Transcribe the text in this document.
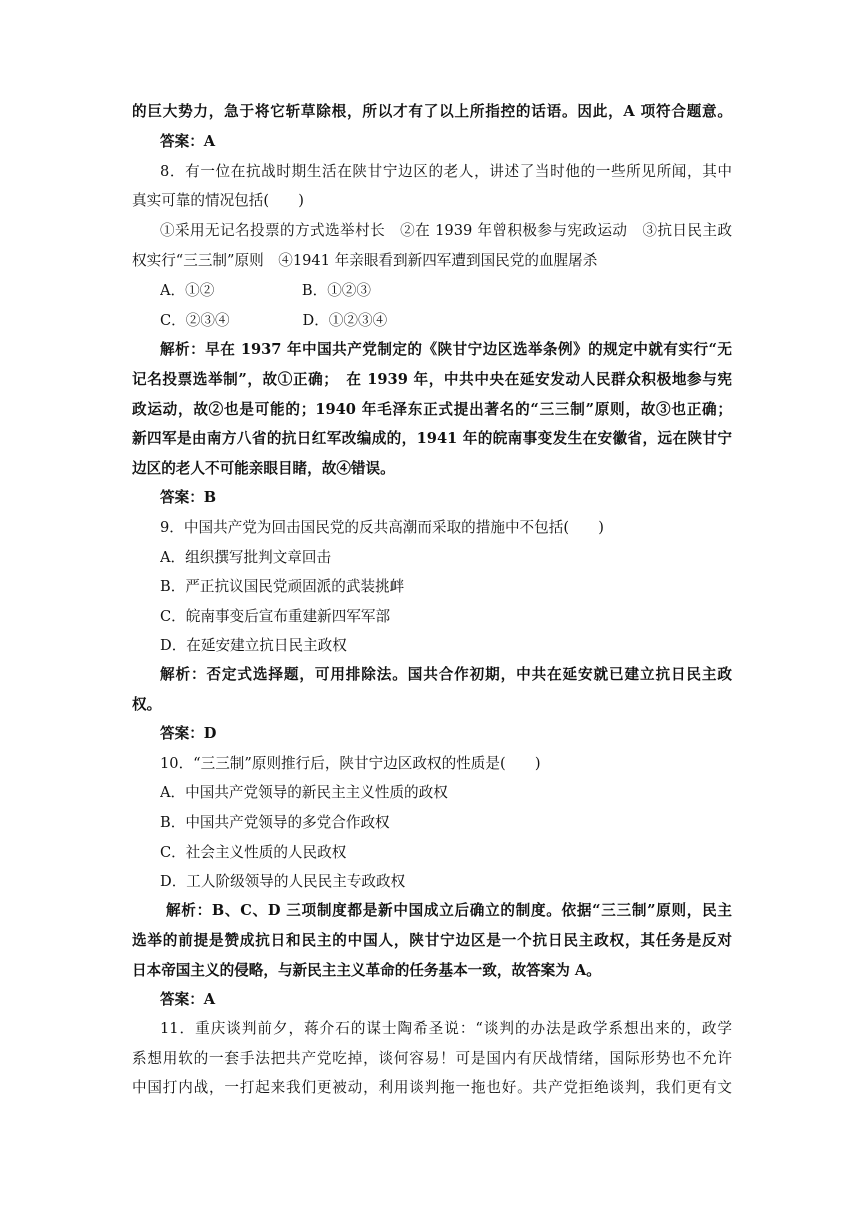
的巨大势力，急于将它斩草除根，所以才有了以上所指控的话语。因此，A 项符合题意。
答案：A
8．有一位在抗战时期生活在陕甘宁边区的老人，讲述了当时他的一些所见所闻，其中
真实可靠的情况包括(　　)
①采用无记名投票的方式选举村长　②在 1939 年曾积极参与宪政运动　③抗日民主政
权实行“三三制”原则　④1941 年亲眼看到新四军遭到国民党的血腥屠杀
A．①②　　　　　　B．①②③
C．②③④　　　　　D．①②③④
解析：早在 1937 年中国共产党制定的《陕甘宁边区选举条例》的规定中就有实行“无
记名投票选举制”，故①正确；　在 1939 年，中共中央在延安发动人民群众积极地参与宪
政运动，故②也是可能的；1940 年毛泽东正式提出著名的“三三制”原则，故③也正确；
新四军是由南方八省的抗日红军改编成的，1941 年的皖南事变发生在安徽省，远在陕甘宁
边区的老人不可能亲眼目睹，故④错误。
答案：B
9．中国共产党为回击国民党的反共高潮而采取的措施中不包括(　　)
A．组织撰写批判文章回击
B．严正抗议国民党顽固派的武装挑衅
C．皖南事变后宣布重建新四军军部
D．在延安建立抗日民主政权
解析：否定式选择题，可用排除法。国共合作初期，中共在延安就已建立抗日民主政
权。
答案：D
10．“三三制”原则推行后，陕甘宁边区政权的性质是(　　)
A．中国共产党领导的新民主主义性质的政权
B．中国共产党领导的多党合作政权
C．社会主义性质的人民政权
D．工人阶级领导的人民民主专政政权
解析：B、C、D 三项制度都是新中国成立后确立的制度。依据“三三制”原则，民主
选举的前提是赞成抗日和民主的中国人，陕甘宁边区是一个抗日民主政权，其任务是反对
日本帝国主义的侵略，与新民主主义革命的任务基本一致，故答案为 A。
答案：A
11．重庆谈判前夕，蒋介石的谋士陶希圣说：“谈判的办法是政学系想出来的，政学
系想用软的一套手法把共产党吃掉，谈何容易！可是国内有厌战情绪，国际形势也不允许
中国打内战，一打起来我们更被动，利用谈判拖一拖也好。共产党拒绝谈判，我们更有文
